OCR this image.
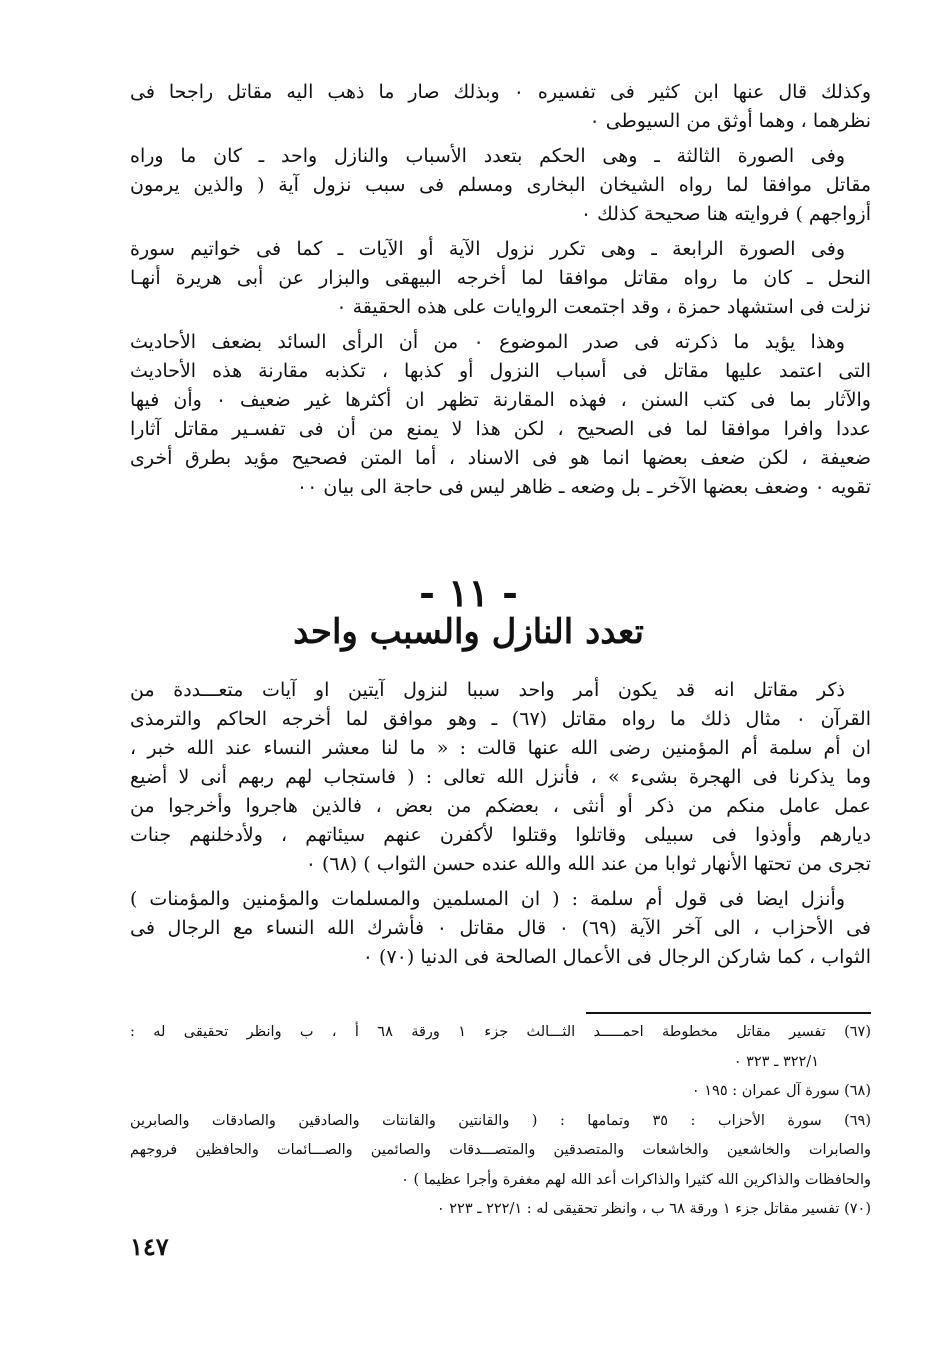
وكذلك قال عنها ابن كثير فى تفسيره ٠ وبذلك صار ما ذهب اليه مقاتل راجحا فى
نظرهما ، وهما أوثق من السيوطى ٠
وفى الصورة الثالثة ـ وهى الحكم بتعدد الأسباب والنازل واحد ـ كان ما وراه
مقاتل موافقا لما رواه الشيخان البخارى ومسلم فى سبب نزول آية ( والذين يرمون
أزواجهم ) فروايته هنا صحيحة كذلك ٠
وفى الصورة الرابعة ـ وهى تكرر نزول الآية أو الآيات ـ كما فى خواتيم سورة
النحل ـ كان ما رواه مقاتل موافقا لما أخرجه البيهقى والبزار عن أبى هريرة أنهـا
نزلت فى استشهاد حمزة ، وقد اجتمعت الروايات على هذه الحقيقة ٠
وهذا يؤيد ما ذكرته فى صدر الموضوع ٠ من أن الرأى السائد بضعف الأحاديث
التى اعتمد عليها مقاتل فى أسباب النزول أو كذبها ، تكذبه مقارنة هذه الأحاديث
والآثار بما فى كتب السنن ، فهذه المقارنة تظهر ان أكثرها غير ضعيف ٠ وأن فيها
عددا وافرا موافقا لما فى الصحيح ، لكن هذا لا يمنع من أن فى تفسـير مقاتل آثارا
ضعيفة ، لكن ضعف بعضها انما هو فى الاسناد ، أما المتن فصحيح مؤيد بطرق أخرى
تقويه ٠ وضعف بعضها الآخر ـ بل وضعه ـ ظاهر ليس فى حاجة الى بيان ٠٠
- ١١ -
تعدد النازل والسبب واحد
ذكر مقاتل انه قد يكون أمر واحد سببا لنزول آيتين او آيات متعـــددة من
القرآن ٠ مثال ذلك ما رواه مقاتل (٦٧) ـ وهو موافق لما أخرجه الحاكم والترمذى
ان أم سلمة أم المؤمنين رضى الله عنها قالت : « ما لنا معشر النساء عند الله خبر ،
وما يذكرنا فى الهجرة بشىء » ، فأنزل الله تعالى : ( فاستجاب لهم ربهم أنى لا أضيع
عمل عامل منكم من ذكر أو أنثى ، بعضكم من بعض ، فالذين هاجروا وأخرجوا من
ديارهم وأوذوا فى سبيلى وقاتلوا وقتلوا لأكفرن عنهم سيئاتهم ، ولأدخلنهم جنات
تجرى من تحتها الأنهار ثوابا من عند الله والله عنده حسن الثواب ) (٦٨) ٠
وأنزل ايضا فى قول أم سلمة : ( ان المسلمين والمسلمات والمؤمنين والمؤمنات )
فى الأحزاب ، الى آخر الآية (٦٩) ٠ قال مقاتل ٠ فأشرك الله النساء مع الرجال فى
الثواب ، كما شاركن الرجال فى الأعمال الصالحة فى الدنيا (٧٠) ٠
(٦٧) تفسير مقاتل مخطوطة احمـــــد الثـــالث جزء ١ ورقة ٦٨ أ ، ب وانظر تحقيقى له :
٣٢٢/١ ـ ٣٢٣ ٠
(٦٨) سورة آل عمران : ١٩٥ ٠
(٦٩) سورة الأحزاب : ٣٥ وتمامها : ( والقانتين والقانتات والصادقين والصادقات والصابرين
والصابرات والخاشعين والخاشعات والمتصدقين والمتصـــدقات والصائمين والصـــائمات والحافظين فروجهم
والحافظات والذاكرين الله كثيرا والذاكرات أعد الله لهم مغفرة وأجرا عظيما ) ٠
(٧٠) تفسير مقاتل جزء ١ ورقة ٦٨ ب ، وانظر تحقيقى له : ٢٢٢/١ ـ ٢٢٣ ٠
١٤٧
